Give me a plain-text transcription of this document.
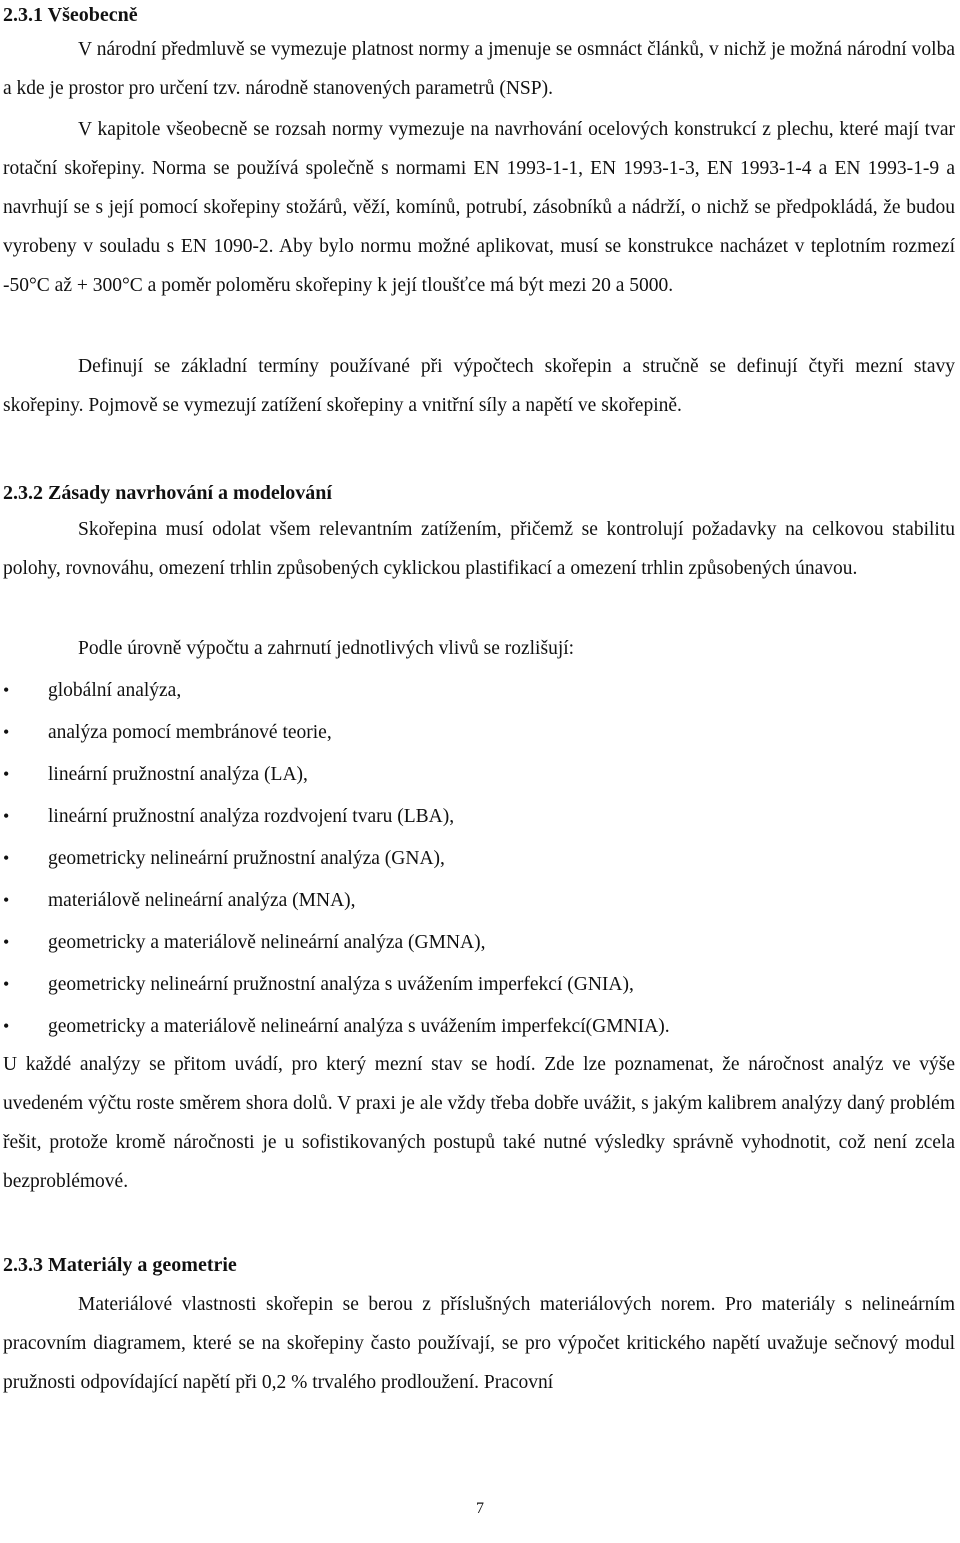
2.3.1 Všeobecně
V národní předmluvě se vymezuje platnost normy a jmenuje se osmnáct článků, v nichž je možná národní volba a kde je prostor pro určení tzv. národně stanovených parametrů (NSP).
V kapitole všeobecně se rozsah normy vymezuje na navrhování ocelových konstrukcí z plechu, které mají tvar rotační skořepiny. Norma se používá společně s normami EN 1993-1-1, EN 1993-1-3, EN 1993-1-4 a EN 1993-1-9 a navrhují se s její pomocí skořepiny stožárů, věží, komínů, potrubí, zásobníků a nádrží, o nichž se předpokládá, že budou vyrobeny v souladu s EN 1090-2. Aby bylo normu možné aplikovat, musí se konstrukce nacházet v teplotním rozmezí -50°C až + 300°C a poměr poloměru skořepiny k její tloušťce má být mezi 20 a 5000.
Definují se základní termíny používané při výpočtech skořepin a stručně se definují čtyři mezní stavy skořepiny. Pojmově se vymezují zatížení skořepiny a vnitřní síly a napětí ve skořepině.
2.3.2 Zásady navrhování a modelování
Skořepina musí odolat všem relevantním zatížením, přičemž se kontrolují požadavky na celkovou stabilitu polohy, rovnováhu, omezení trhlin způsobených cyklickou plastifikací a omezení trhlin způsobených únavou.
Podle úrovně výpočtu a zahrnutí jednotlivých vlivů se rozlišují:
• globální analýza,
• analýza pomocí membránové teorie,
• lineární pružnostní analýza (LA),
• lineární pružnostní analýza rozdvojení tvaru (LBA),
• geometricky nelineární pružnostní analýza (GNA),
• materiálově nelineární analýza (MNA),
• geometricky a materiálově nelineární analýza (GMNA),
• geometricky nelineární pružnostní analýza s uvážením imperfekcí (GNIA),
• geometricky a materiálově nelineární analýza s uvážením imperfekcí(GMNIA).
U každé analýzy se přitom uvádí, pro který mezní stav se hodí. Zde lze poznamenat, že náročnost analýz ve výše uvedeném výčtu roste směrem shora dolů. V praxi je ale vždy třeba dobře uvážit, s jakým kalibrem analýzy daný problém řešit, protože kromě náročnosti je u sofistikovaných postupů také nutné výsledky správně vyhodnotit, což není zcela bezproblémové.
2.3.3 Materiály a geometrie
Materiálové vlastnosti skořepin se berou z příslušných materiálových norem. Pro materiály s nelineárním pracovním diagramem, které se na skořepiny často používají, se pro výpočet kritického napětí uvažuje sečnový modul pružnosti odpovídající napětí při 0,2 % trvalého prodloužení. Pracovní
7
